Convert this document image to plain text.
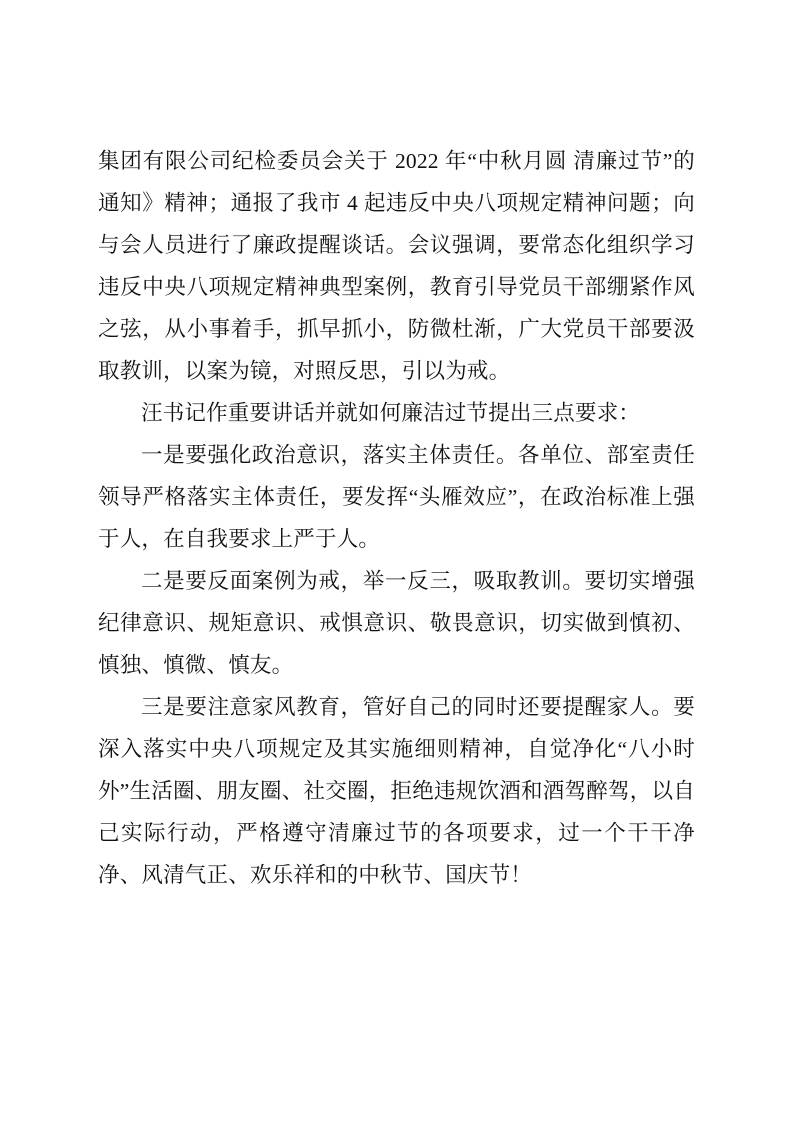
集团有限公司纪检委员会关于 2022 年“中秋月圆 清廉过节”的通知》精神；通报了我市 4 起违反中央八项规定精神问题；向与会人员进行了廉政提醒谈话。会议强调，要常态化组织学习违反中央八项规定精神典型案例，教育引导党员干部绷紧作风之弦，从小事着手，抓早抓小，防微杜渐，广大党员干部要汲取教训，以案为镜，对照反思，引以为戒。

汪书记作重要讲话并就如何廉洁过节提出三点要求：

一是要强化政治意识，落实主体责任。各单位、部室责任领导严格落实主体责任，要发挥“头雁效应”，在政治标准上强于人，在自我要求上严于人。

二是要反面案例为戒，举一反三，吸取教训。要切实增强纪律意识、规矩意识、戒惧意识、敬畏意识，切实做到慎初、慎独、慎微、慎友。

三是要注意家风教育，管好自己的同时还要提醒家人。要深入落实中央八项规定及其实施细则精神，自觉净化“八小时外”生活圈、朋友圈、社交圈，拒绝违规饮酒和酒驾醉驾，以自己实际行动，严格遵守清廉过节的各项要求，过一个干干净净、风清气正、欢乐祥和的中秋节、国庆节！
